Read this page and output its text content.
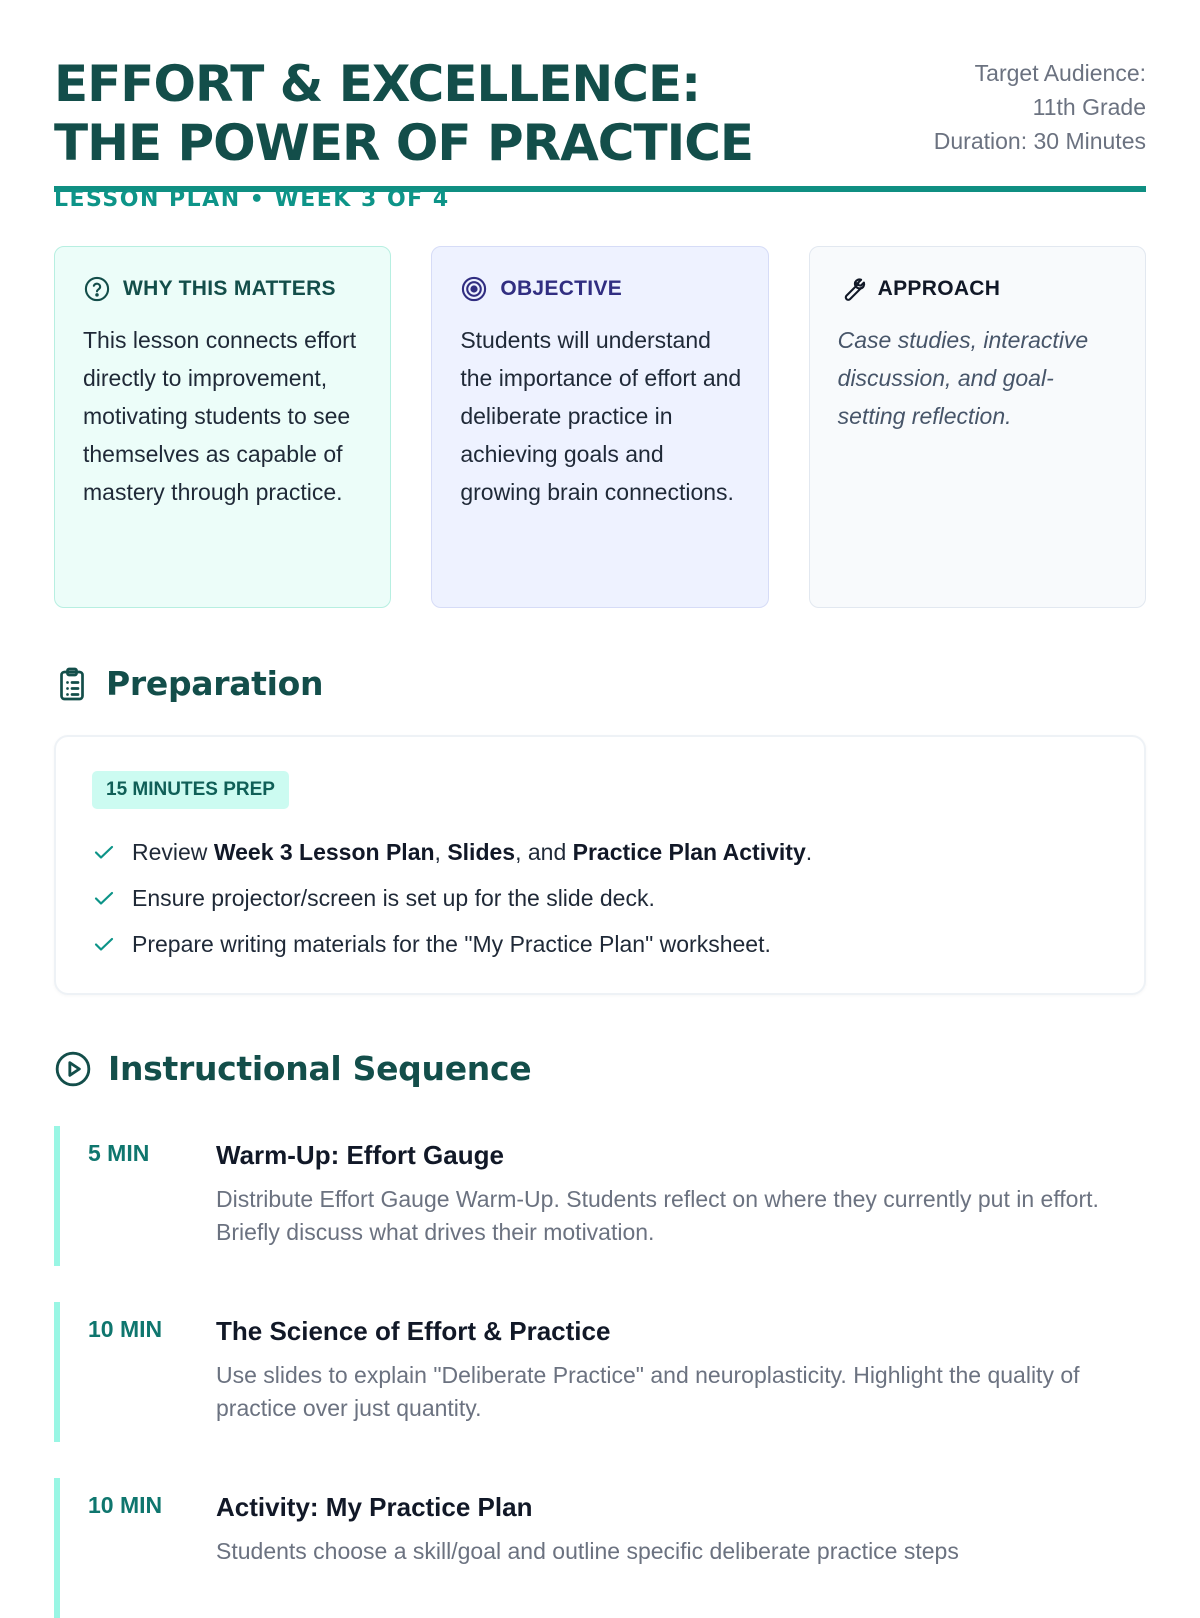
EFFORT & EXCELLENCE: THE POWER OF PRACTICE
LESSON PLAN • WEEK 3 OF 4
Target Audience: 11th Grade
Duration: 30 Minutes
WHY THIS MATTERS
This lesson connects effort directly to improvement, motivating students to see themselves as capable of mastery through practice.
OBJECTIVE
Students will understand the importance of effort and deliberate practice in achieving goals and growing brain connections.
APPROACH
Case studies, interactive discussion, and goal-setting reflection.
Preparation
15 MINUTES PREP
Review Week 3 Lesson Plan, Slides, and Practice Plan Activity.
Ensure projector/screen is set up for the slide deck.
Prepare writing materials for the "My Practice Plan" worksheet.
Instructional Sequence
5 MIN	Warm-Up: Effort Gauge
Distribute Effort Gauge Warm-Up. Students reflect on where they currently put in effort. Briefly discuss what drives their motivation.
10 MIN	The Science of Effort & Practice
Use slides to explain "Deliberate Practice" and neuroplasticity. Highlight the quality of practice over just quantity.
10 MIN	Activity: My Practice Plan
Students choose a skill/goal and outline specific deliberate practice steps
